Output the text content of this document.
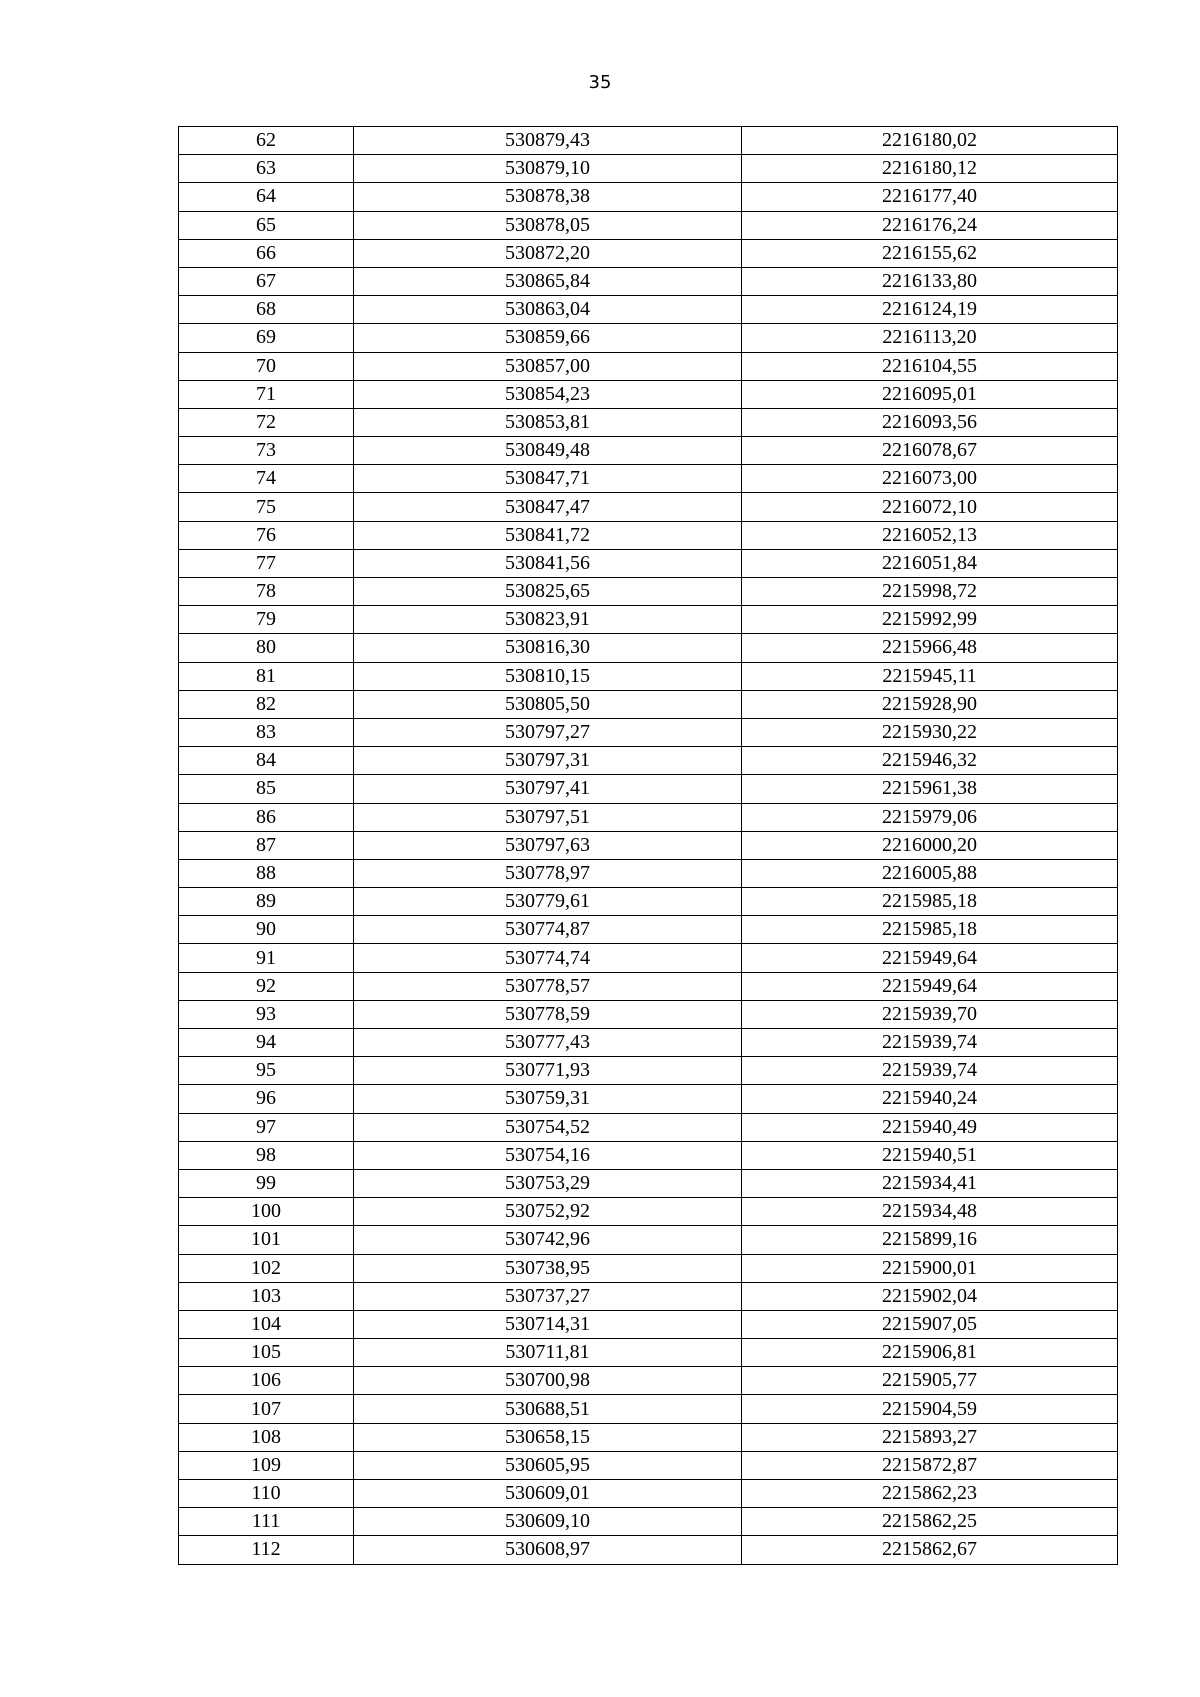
35
62	530879,43	2216180,02
63	530879,10	2216180,12
64	530878,38	2216177,40
65	530878,05	2216176,24
66	530872,20	2216155,62
67	530865,84	2216133,80
68	530863,04	2216124,19
69	530859,66	2216113,20
70	530857,00	2216104,55
71	530854,23	2216095,01
72	530853,81	2216093,56
73	530849,48	2216078,67
74	530847,71	2216073,00
75	530847,47	2216072,10
76	530841,72	2216052,13
77	530841,56	2216051,84
78	530825,65	2215998,72
79	530823,91	2215992,99
80	530816,30	2215966,48
81	530810,15	2215945,11
82	530805,50	2215928,90
83	530797,27	2215930,22
84	530797,31	2215946,32
85	530797,41	2215961,38
86	530797,51	2215979,06
87	530797,63	2216000,20
88	530778,97	2216005,88
89	530779,61	2215985,18
90	530774,87	2215985,18
91	530774,74	2215949,64
92	530778,57	2215949,64
93	530778,59	2215939,70
94	530777,43	2215939,74
95	530771,93	2215939,74
96	530759,31	2215940,24
97	530754,52	2215940,49
98	530754,16	2215940,51
99	530753,29	2215934,41
100	530752,92	2215934,48
101	530742,96	2215899,16
102	530738,95	2215900,01
103	530737,27	2215902,04
104	530714,31	2215907,05
105	530711,81	2215906,81
106	530700,98	2215905,77
107	530688,51	2215904,59
108	530658,15	2215893,27
109	530605,95	2215872,87
110	530609,01	2215862,23
111	530609,10	2215862,25
112	530608,97	2215862,67
